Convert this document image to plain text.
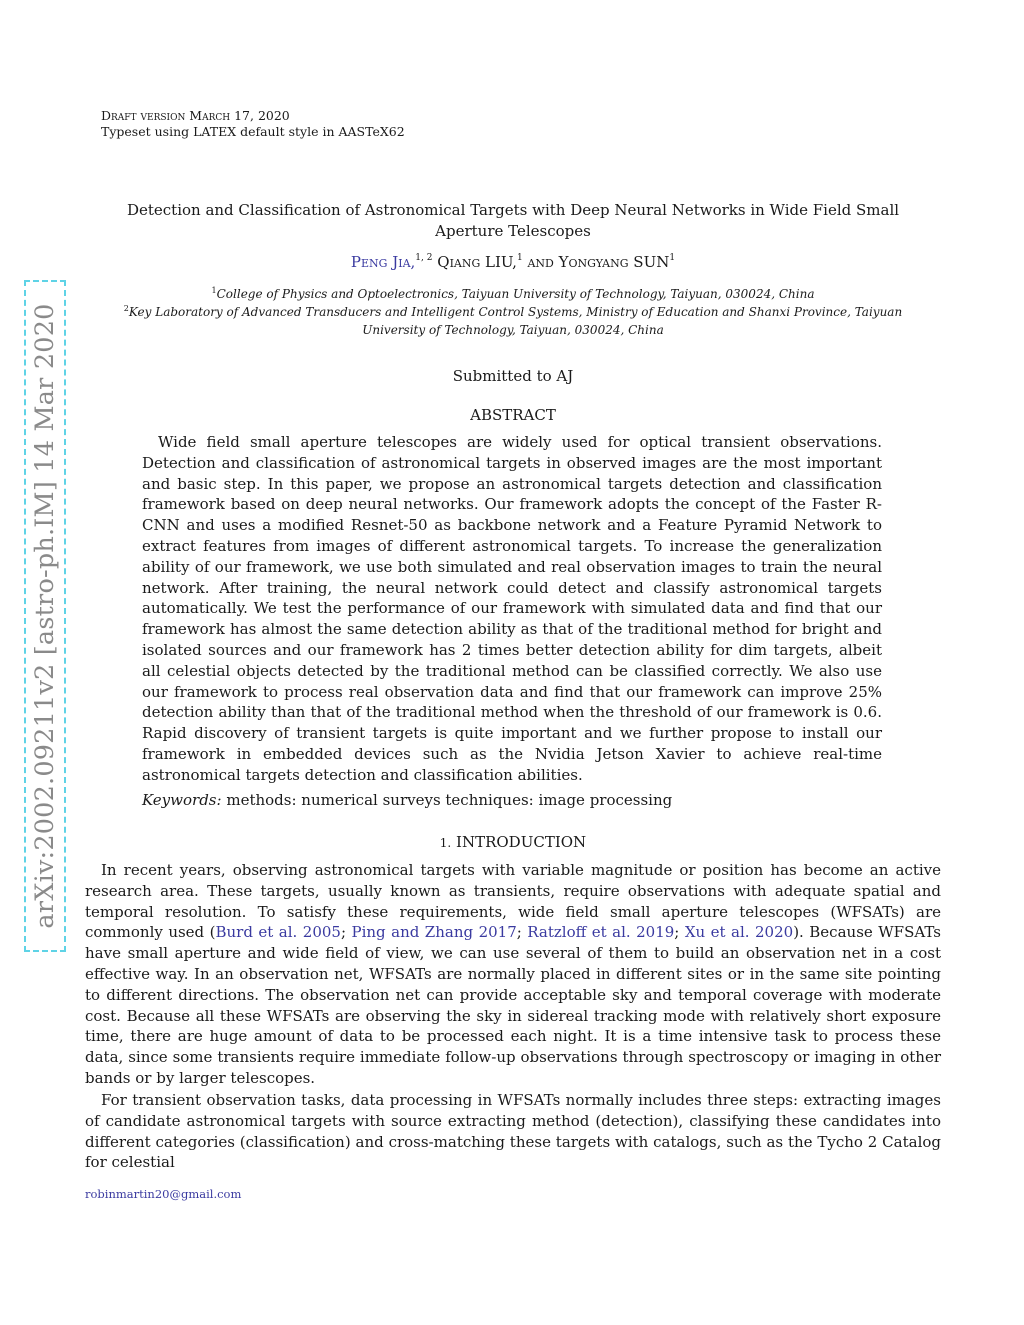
Draft version March 17, 2020
Typeset using LATEX default style in AASTeX62
arXiv:2002.09211v2 [astro-ph.IM] 14 Mar 2020
Detection and Classification of Astronomical Targets with Deep Neural Networks in Wide Field Small Aperture Telescopes
Peng Jia,$^{1, 2}$ Qiang LIU,$^1$ and Yongyang SUN$^1$
$^1$College of Physics and Optoelectronics, Taiyuan University of Technology, Taiyuan, 030024, China
$^2$Key Laboratory of Advanced Transducers and Intelligent Control Systems, Ministry of Education and Shanxi Province, Taiyuan University of Technology, Taiyuan, 030024, China
Submitted to AJ
ABSTRACT

Wide field small aperture telescopes are widely used for optical transient observations. Detection and classification of astronomical targets in observed images are the most important and basic step. In this paper, we propose an astronomical targets detection and classification framework based on deep neural networks. Our framework adopts the concept of the Faster R-CNN and uses a modified Resnet-50 as backbone network and a Feature Pyramid Network to extract features from images of different astronomical targets. To increase the generalization ability of our framework, we use both simulated and real observation images to train the neural network. After training, the neural network could detect and classify astronomical targets automatically. We test the performance of our framework with simulated data and find that our framework has almost the same detection ability as that of the traditional method for bright and isolated sources and our framework has 2 times better detection ability for dim targets, albeit all celestial objects detected by the traditional method can be classified correctly. We also use our framework to process real observation data and find that our framework can improve 25% detection ability than that of the traditional method when the threshold of our framework is 0.6. Rapid discovery of transient targets is quite important and we further propose to install our framework in embedded devices such as the Nvidia Jetson Xavier to achieve real-time astronomical targets detection and classification abilities.

Keywords: methods: numerical surveys techniques: image processing
1. INTRODUCTION

In recent years, observing astronomical targets with variable magnitude or position has become an active research area. These targets, usually known as transients, require observations with adequate spatial and temporal resolution. To satisfy these requirements, wide field small aperture telescopes (WFSATs) are commonly used (Burd et al. 2005; Ping and Zhang 2017; Ratzloff et al. 2019; Xu et al. 2020). Because WFSATs have small aperture and wide field of view, we can use several of them to build an observation net in a cost effective way. In an observation net, WFSATs are normally placed in different sites or in the same site pointing to different directions. The observation net can provide acceptable sky and temporal coverage with moderate cost. Because all these WFSATs are observing the sky in sidereal tracking mode with relatively short exposure time, there are huge amount of data to be processed each night. It is a time intensive task to process these data, since some transients require immediate follow-up observations through spectroscopy or imaging in other bands or by larger telescopes.

For transient observation tasks, data processing in WFSATs normally includes three steps: extracting images of candidate astronomical targets with source extracting method (detection), classifying these candidates into different categories (classification) and cross-matching these targets with catalogs, such as the Tycho 2 Catalog for celestial

robinmartin20@gmail.com
